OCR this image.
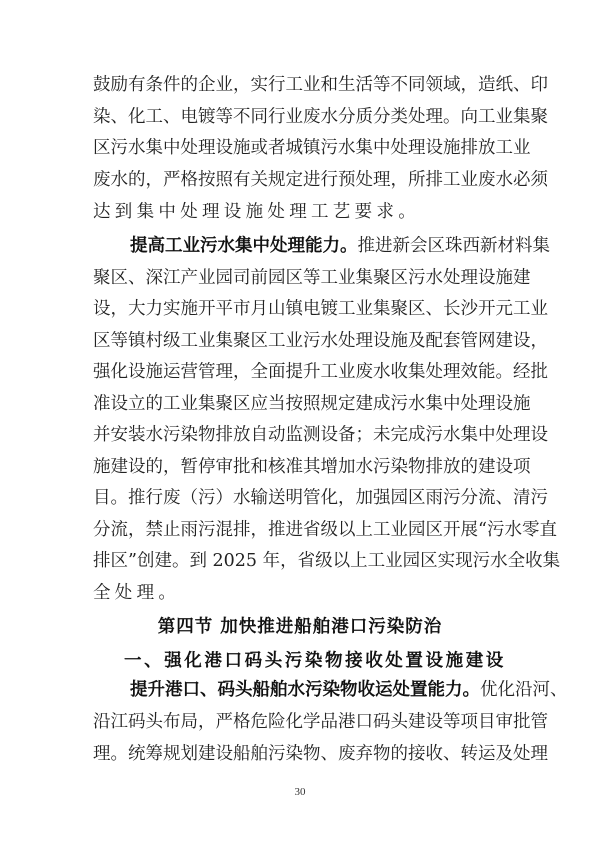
鼓励有条件的企业，实行工业和生活等不同领域，造纸、印
染、化工、电镀等不同行业废水分质分类处理。向工业集聚
区污水集中处理设施或者城镇污水集中处理设施排放工业
废水的，严格按照有关规定进行预处理，所排工业废水必须
达到集中处理设施处理工艺要求。
提高工业污水集中处理能力。推进新会区珠西新材料集
聚区、深江产业园司前园区等工业集聚区污水处理设施建
设，大力实施开平市月山镇电镀工业集聚区、长沙开元工业
区等镇村级工业集聚区工业污水处理设施及配套管网建设，
强化设施运营管理，全面提升工业废水收集处理效能。经批
准设立的工业集聚区应当按照规定建成污水集中处理设施
并安装水污染物排放自动监测设备；未完成污水集中处理设
施建设的，暂停审批和核准其增加水污染物排放的建设项
目。推行废（污）水输送明管化，加强园区雨污分流、清污
分流，禁止雨污混排，推进省级以上工业园区开展“污水零直
排区”创建。到 2025 年，省级以上工业园区实现污水全收集
全处理。
第四节 加快推进船舶港口污染防治
一、强化港口码头污染物接收处置设施建设
提升港口、码头船舶水污染物收运处置能力。优化沿河、
沿江码头布局，严格危险化学品港口码头建设等项目审批管
理。统筹规划建设船舶污染物、废弃物的接收、转运及处理
30
